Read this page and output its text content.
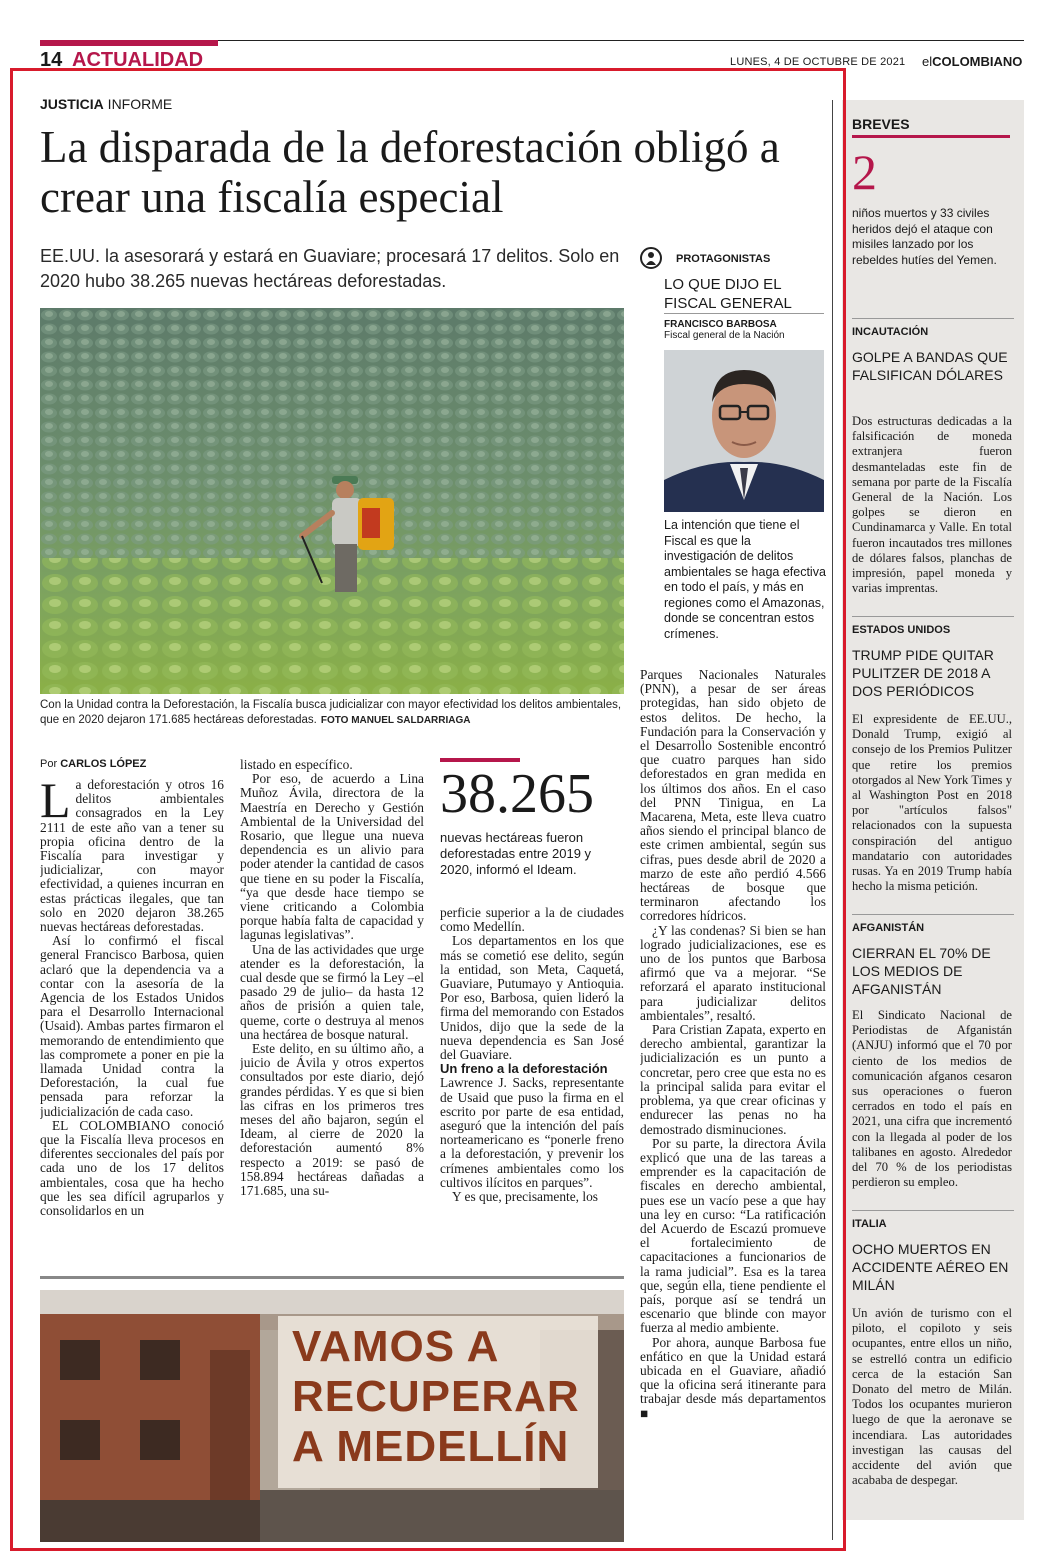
14 ACTUALIDAD	LUNES, 4 DE OCTUBRE DE 2021 elCOLOMBIANO
JUSTICIA INFORME
La disparada de la deforestación obligó a crear una fiscalía especial
EE.UU. la asesorará y estará en Guaviare; procesará 17 delitos. Solo en 2020 hubo 38.265 nuevas hectáreas deforestadas.
Con la Unidad contra la Deforestación, la Fiscalía busca judicializar con mayor efectividad los delitos ambientales, que en 2020 dejaron 171.685 hectáreas deforestadas. FOTO MANUEL SALDARRIAGA
Por CARLOS LÓPEZ

La deforestación y otros 16 delitos ambientales consagrados en la Ley 2111 de este año van a tener su propia oficina dentro de la Fiscalía para investigar y judicializar, con mayor efectividad, a quienes incurran en estas prácticas ilegales, que tan solo en 2020 dejaron 38.265 nuevas hectáreas deforestadas.

Así lo confirmó el fiscal general Francisco Barbosa, quien aclaró que la dependencia va a contar con la asesoría de la Agencia de los Estados Unidos para el Desarrollo Internacional (Usaid). Ambas partes firmaron el memorando de entendimiento que las compromete a poner en pie la llamada Unidad contra la Deforestación, la cual fue pensada para reforzar la judicialización de cada caso.

EL COLOMBIANO conoció que la Fiscalía lleva procesos en diferentes seccionales del país por cada uno de los 17 delitos ambientales, cosa que ha hecho que les sea difícil agruparlos y consolidarlos en un

listado en específico.

Por eso, de acuerdo a Lina Muñoz Ávila, directora de la Maestría en Derecho y Gestión Ambiental de la Universidad del Rosario, que llegue una nueva dependencia es un alivio para poder atender la cantidad de casos que tiene en su poder la Fiscalía, “ya que desde hace tiempo se viene criticando a Colombia porque había falta de capacidad y lagunas legislativas”.

Una de las actividades que urge atender es la deforestación, la cual desde que se firmó la Ley –el pasado 29 de julio– da hasta 12 años de prisión a quien tale, queme, corte o destruya al menos una hectárea de bosque natural.

Este delito, en su último año, a juicio de Ávila y otros expertos consultados por este diario, dejó grandes pérdidas. Y es que si bien las cifras en los primeros tres meses del año bajaron, según el Ideam, al cierre de 2020 la deforestación aumentó 8% respecto a 2019: se pasó de 158.894 hectáreas dañadas a 171.685, una su-

38.265
nuevas hectáreas fueron deforestadas entre 2019 y 2020, informó el Ideam.

perficie superior a la de ciudades como Medellín.

Los departamentos en los que más se cometió ese delito, según la entidad, son Meta, Caquetá, Guaviare, Putumayo y Antioquia. Por eso, Barbosa, quien lideró la firma del memorando con Estados Unidos, dijo que la sede de la nueva dependencia es San José del Guaviare.

Un freno a la deforestación

Lawrence J. Sacks, representante de Usaid que puso la firma en el escrito por parte de esa entidad, aseguró que la intención del país norteamericano es “ponerle freno a la deforestación, y prevenir los crímenes ambientales como los cultivos ilícitos en parques”.

Y es que, precisamente, los

Parques Nacionales Naturales (PNN), a pesar de ser áreas protegidas, han sido objeto de estos delitos. De hecho, la Fundación para la Conservación y el Desarrollo Sostenible encontró que cuatro parques han sido deforestados en gran medida en los últimos dos años. En el caso del PNN Tinigua, en La Macarena, Meta, este lleva cuatro años siendo el principal blanco de este crimen ambiental, según sus cifras, pues desde abril de 2020 a marzo de este año perdió 4.566 hectáreas de bosque que terminaron afectando los corredores hídricos.

¿Y las condenas? Si bien se han logrado judicializaciones, ese es uno de los puntos que Barbosa afirmó que va a mejorar. “Se reforzará el aparato institucional para judicializar delitos ambientales”, resaltó.

Para Cristian Zapata, experto en derecho ambiental, garantizar la judicialización es un punto a concretar, pero cree que esta no es la principal salida para evitar el problema, ya que crear oficinas y endurecer las penas no ha demostrado disminuciones.

Por su parte, la directora Ávila explicó que una de las tareas a emprender es la capacitación de fiscales en derecho ambiental, pues ese un vacío pese a que hay una ley en curso: “La ratificación del Acuerdo de Escazú promueve el fortalecimiento de capacitaciones a funcionarios de la rama judicial”. Esa es la tarea que, según ella, tiene pendiente el país, porque así se tendrá un escenario que blinde con mayor fuerza al medio ambiente.

Por ahora, aunque Barbosa fue enfático en que la Unidad estará ubicada en el Guaviare, añadió que la oficina será itinerante para trabajar desde más departamentos ■

PROTAGONISTAS
LO QUE DIJO EL FISCAL GENERAL
FRANCISCO BARBOSA
Fiscal general de la Nación
La intención que tiene el Fiscal es que la investigación de delitos ambientales se haga efectiva en todo el país, y más en regiones como el Amazonas, donde se concentran estos crímenes.
VAMOS A
RECUPERAR
A MEDELLÍN
BREVES
2
niños muertos y 33 civiles heridos dejó el ataque con misiles lanzado por los rebeldes hutíes del Yemen.
INCAUTACIÓN
GOLPE A BANDAS QUE FALSIFICAN DÓLARES
Dos estructuras dedicadas a la falsificación de moneda extranjera fueron desmanteladas este fin de semana por parte de la Fiscalía General de la Nación. Los golpes se dieron en Cundinamarca y Valle. En total fueron incautados tres millones de dólares falsos, planchas de impresión, papel moneda y varias imprentas.
ESTADOS UNIDOS
TRUMP PIDE QUITAR PULITZER DE 2018 A DOS PERIÓDICOS
El expresidente de EE.UU., Donald Trump, exigió al consejo de los Premios Pulitzer que retire los premios otorgados al New York Times y al Washington Post en 2018 por "artículos falsos" relacionados con la supuesta conspiración del antiguo mandatario con autoridades rusas. Ya en 2019 Trump había hecho la misma petición.
AFGANISTÁN
CIERRAN EL 70% DE LOS MEDIOS DE AFGANISTÁN
El Sindicato Nacional de Periodistas de Afganistán (ANJU) informó que el 70 por ciento de los medios de comunicación afganos cesaron sus operaciones o fueron cerrados en todo el país en 2021, una cifra que incrementó con la llegada al poder de los talibanes en agosto. Alrededor del 70 % de los periodistas perdieron su empleo.
ITALIA
OCHO MUERTOS EN ACCIDENTE AÉREO EN MILÁN
Un avión de turismo con el piloto, el copiloto y seis ocupantes, entre ellos un niño, se estrelló contra un edificio cerca de la estación San Donato del metro de Milán. Todos los ocupantes murieron luego de que la aeronave se incendiara. Las autoridades investigan las causas del accidente del avión que acababa de despegar.
